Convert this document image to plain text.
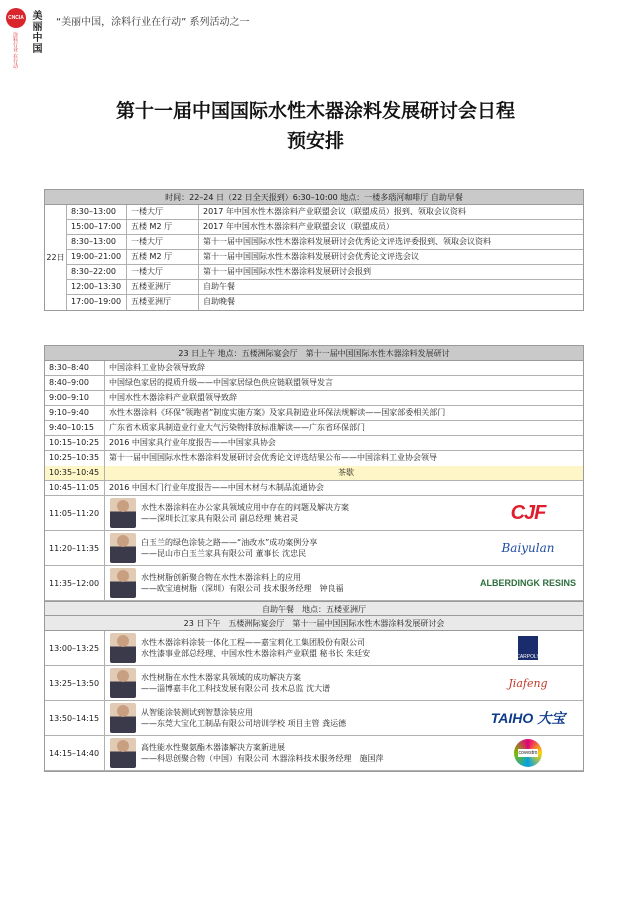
CNCIA 美丽中国
涂料行业 在行动
“美丽中国，涂料行业在行动” 系列活动之一
第十一届中国国际水性木器涂料发展研讨会日程
预安排
时间：22–24 日（22 日全天报到）6:30–10:00 地点：一楼多瑙河咖啡厅 自助早餐
22日
8:30–13:00	一楼大厅	2017 年中国水性木器涂料产业联盟会议（联盟成员）报到、领取会议资料
15:00–17:00	五楼 M2 厅	2017 年中国水性木器涂料产业联盟会议（联盟成员）
8:30–13:00	一楼大厅	第十一届中国国际水性木器涂料发展研讨会优秀论文评选评委报到、领取会议资料
19:00–21:00	五楼 M2 厅	第十一届中国国际水性木器涂料发展研讨会优秀论文评选会议
8:30–22:00	一楼大厅	第十一届中国国际水性木器涂料发展研讨会报到
12:00–13:30	五楼亚洲厅	自助午餐
17:00–19:00	五楼亚洲厅	自助晚餐
23 日上午 地点：五楼洲际宴会厅　第十一届中国国际水性木器涂料发展研讨
8:30–8:40	中国涂料工业协会领导致辞
8:40–9:00	中国绿色家居的提质升级——中国家居绿色供应链联盟领导发言
9:00–9:10	中国水性木器涂料产业联盟领导致辞
9:10–9:40	水性木器涂料《环保“领跑者”制度实施方案》及家具制造业环保法规解读——国家部委相关部门
9:40–10:15	广东省木质家具制造业行业大气污染物排放标准解读——广东省环保部门
10:15–10:25	2016 中国家具行业年度报告——中国家具协会
10:25–10:35	第十一届中国国际水性木器涂料发展研讨会优秀论文评选结果公布——中国涂料工业协会领导
10:35–10:45	茶歇
10:45–11:05	2016 中国木门行业年度报告——中国木材与木制品流通协会
11:05–11:20
水性木器涂料在办公家具领域应用中存在的问题及解决方案
——深圳长江家具有限公司 副总经理 姚君灵	CJF
11:20–11:35
白玉兰的绿色涂装之路——“油改水”成功案例分享
——昆山市白玉兰家具有限公司 董事长 沈忠民	Baiyulan
11:35–12:00
水性树脂创新聚合物在水性木器涂料上的应用
——欧宝迪树脂（深圳）有限公司 技术服务经理　钟良福
ALBERDINGK RESINS
自助午餐　地点：五楼亚洲厅
23 日下午　五楼洲际宴会厅　第十一届中国国际水性木器涂料发展研讨会
13:00–13:25
水性木器涂料涂装一体化工程——嘉宝莉化工集团股份有限公司
水性漆事业部总经理、中国水性木器涂料产业联盟 秘书长 朱廷安	CARPOLY
13:25–13:50
水性树脂在水性木器家具领域的成功解决方案
——淄博嘉丰化工科技发展有限公司 技术总监 沈大谱	Jiafeng
13:50–14:15
从智能涂装测试到智慧涂装应用
——东莞大宝化工制品有限公司培训学校 项目主管 龚运德	TAIHO 大宝
14:15–14:40
高性能水性聚氨酯木器漆解决方案新进展
——科思创聚合物（中国）有限公司 木器涂料技术服务经理　施国萍
covestro
